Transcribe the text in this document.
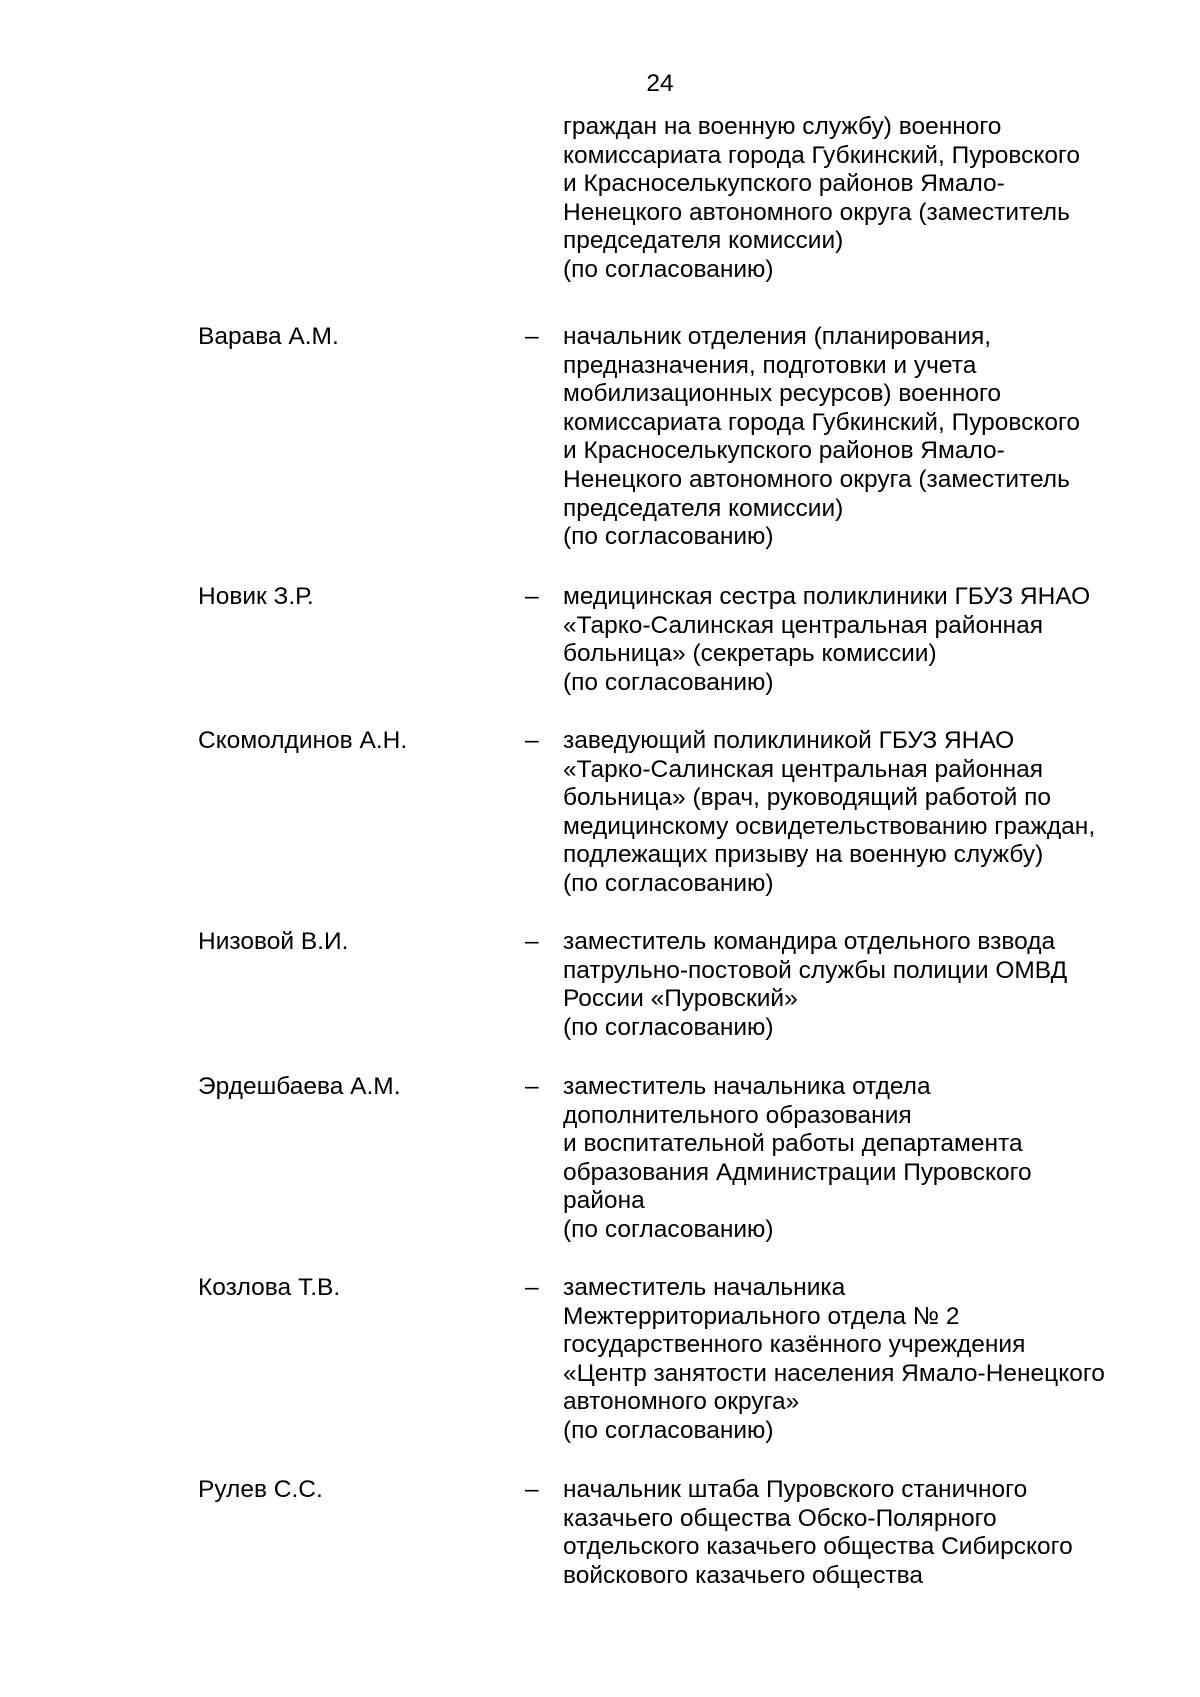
24
граждан на военную службу) военного
комиссариата города Губкинский, Пуровского
и Красноселькупского районов Ямало-
Ненецкого автономного округа (заместитель
председателя комиссии)
(по согласованию)
Варава А.М.	– начальник отделения (планирования,
предназначения, подготовки и учета
мобилизационных ресурсов) военного
комиссариата города Губкинский, Пуровского
и Красноселькупского районов Ямало-
Ненецкого автономного округа (заместитель
председателя комиссии)
(по согласованию)
Новик З.Р.	– медицинская сестра поликлиники ГБУЗ ЯНАО
«Тарко-Салинская центральная районная
больница» (секретарь комиссии)
(по согласованию)
Скомолдинов А.Н.	– заведующий поликлиникой ГБУЗ ЯНАО
«Тарко-Салинская центральная районная
больница» (врач, руководящий работой по
медицинскому освидетельствованию граждан,
подлежащих призыву на военную службу)
(по согласованию)
Низовой В.И.	– заместитель командира отдельного взвода
патрульно-постовой службы полиции ОМВД
России «Пуровский»
(по согласованию)
Эрдешбаева А.М.	– заместитель начальника отдела
дополнительного образования
и воспитательной работы департамента
образования Администрации Пуровского
района
(по согласованию)
Козлова Т.В.	– заместитель начальника
Межтерриториального отдела № 2
государственного казённого учреждения
«Центр занятости населения Ямало-Ненецкого
автономного округа»
(по согласованию)
Рулев С.С.	– начальник штаба Пуровского станичного
казачьего общества Обско-Полярного
отдельского казачьего общества Сибирского
войскового казачьего общества
